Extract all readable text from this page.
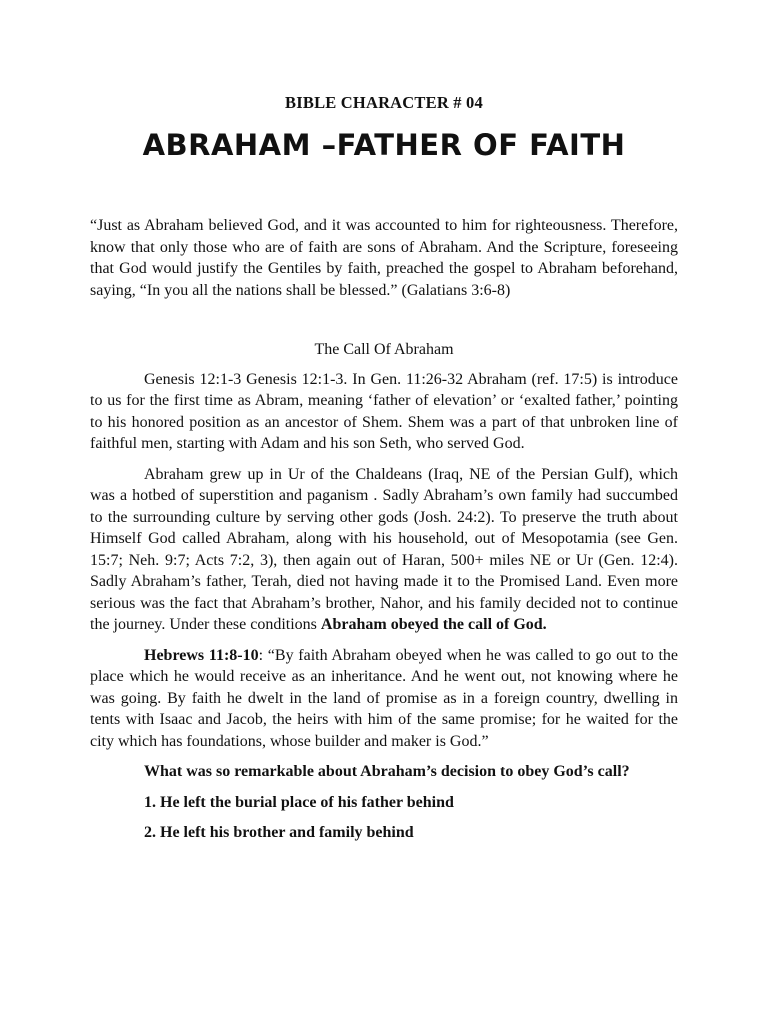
BIBLE CHARACTER # 04
ABRAHAM –FATHER OF FAITH

“Just as Abraham believed God, and it was accounted to him for righteousness. Therefore, know that only those who are of faith are sons of Abraham. And the Scripture, foreseeing that God would justify the Gentiles by faith, preached the gospel to Abraham beforehand, saying, “In you all the nations shall be blessed.” (Galatians 3:6-8)

The Call Of Abraham

Genesis 12:1-3 Genesis 12:1-3. In Gen. 11:26-32 Abraham (ref. 17:5) is introduce to us for the first time as Abram, meaning ‘father of elevation’ or ‘exalted father,’ pointing to his honored position as an ancestor of Shem. Shem was a part of that unbroken line of faithful men, starting with Adam and his son Seth, who served God.

Abraham grew up in Ur of the Chaldeans (Iraq, NE of the Persian Gulf), which was a hotbed of superstition and paganism . Sadly Abraham’s own family had succumbed to the surrounding culture by serving other gods (Josh. 24:2). To preserve the truth about Himself God called Abraham, along with his household, out of Mesopotamia (see Gen. 15:7; Neh. 9:7; Acts 7:2, 3), then again out of Haran, 500+ miles NE or Ur (Gen. 12:4). Sadly Abraham’s father, Terah, died not having made it to the Promised Land. Even more serious was the fact that Abraham’s brother, Nahor, and his family decided not to continue the journey. Under these conditions Abraham obeyed the call of God.

Hebrews 11:8-10: “By faith Abraham obeyed when he was called to go out to the place which he would receive as an inheritance. And he went out, not knowing where he was going. By faith he dwelt in the land of promise as in a foreign country, dwelling in tents with Isaac and Jacob, the heirs with him of the same promise; for he waited for the city which has foundations, whose builder and maker is God.”

What was so remarkable about Abraham’s decision to obey God’s call?

1. He left the burial place of his father behind

2. He left his brother and family behind
